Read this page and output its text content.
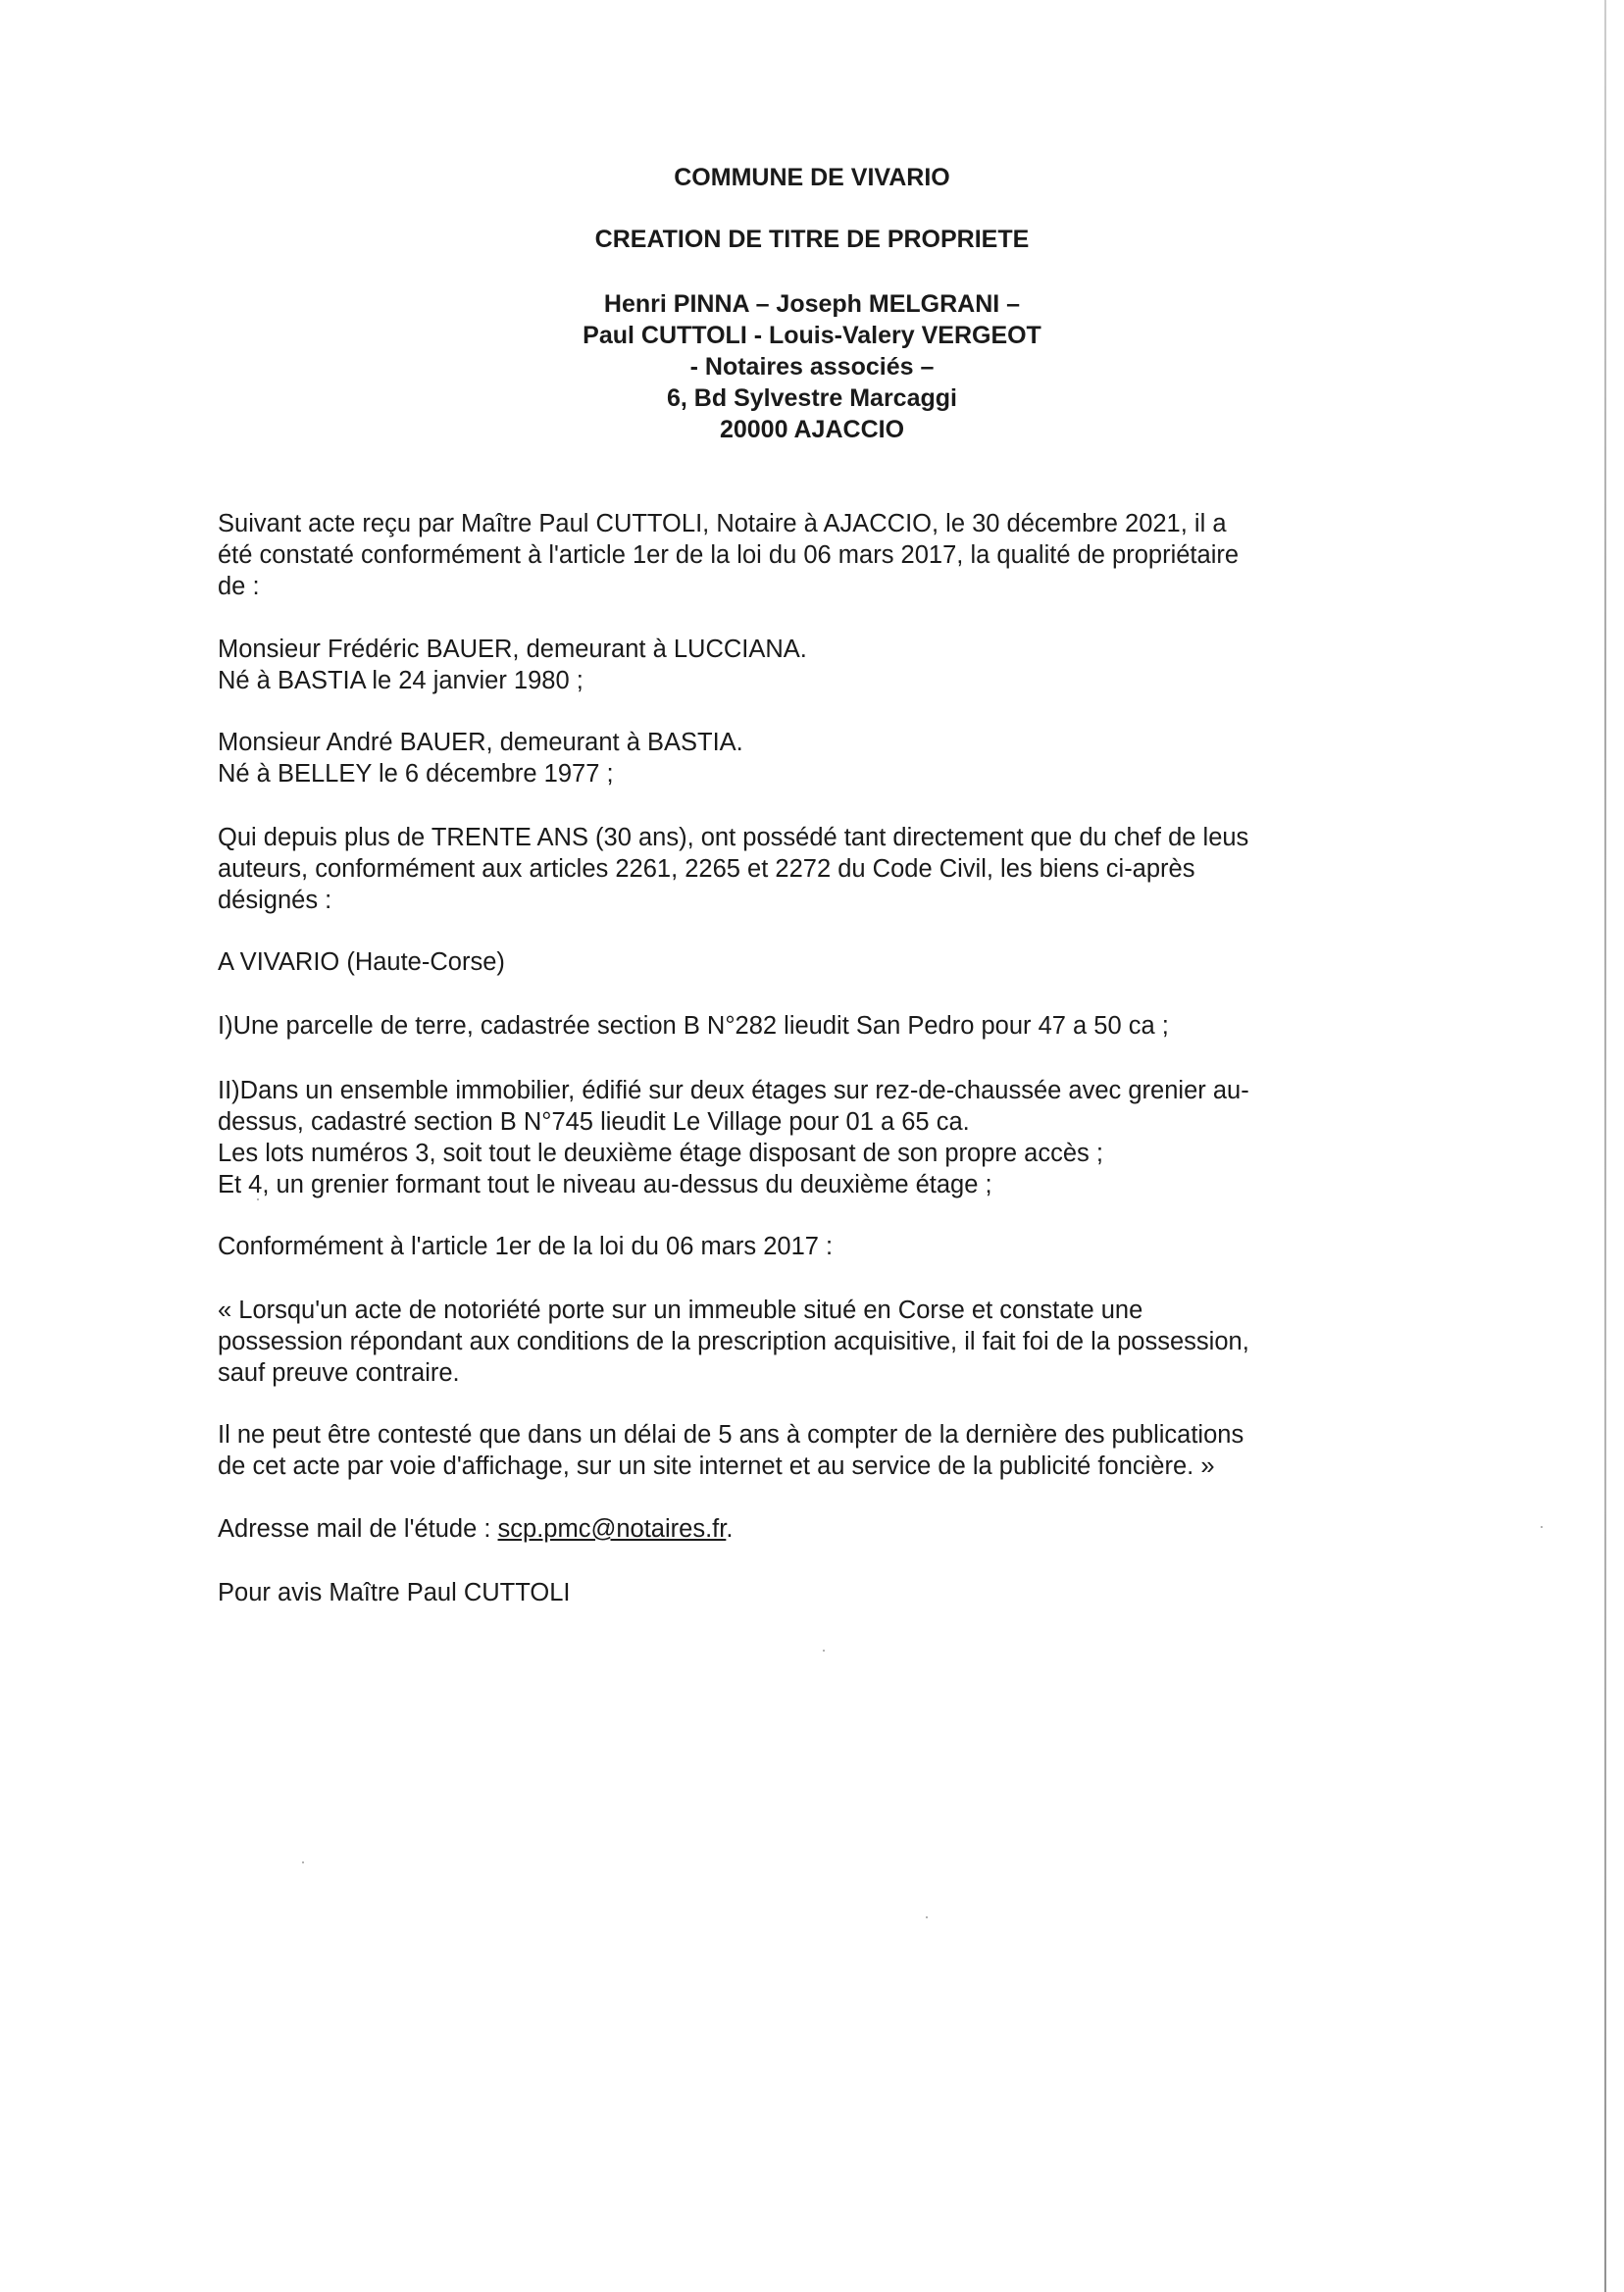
COMMUNE DE VIVARIO
CREATION DE TITRE DE PROPRIETE
Henri PINNA – Joseph MELGRANI –
Paul CUTTOLI - Louis-Valery VERGEOT
- Notaires associés –
6, Bd Sylvestre Marcaggi
20000 AJACCIO

Suivant acte reçu par Maître Paul CUTTOLI, Notaire à AJACCIO, le 30 décembre 2021, il a

été constaté conformément à l'article 1er de la loi du 06 mars 2017, la qualité de propriétaire

de :

Monsieur Frédéric BAUER, demeurant à LUCCIANA.

Né à BASTIA le 24 janvier 1980 ;

Monsieur André BAUER, demeurant à BASTIA.

Né à BELLEY le 6 décembre 1977 ;

Qui depuis plus de TRENTE ANS (30 ans), ont possédé tant directement que du chef de leus

auteurs, conformément aux articles 2261, 2265 et 2272 du Code Civil, les biens ci-après

désignés :

A VIVARIO (Haute-Corse)

I)Une parcelle de terre, cadastrée section B N°282 lieudit San Pedro pour 47 a 50 ca ;

II)Dans un ensemble immobilier, édifié sur deux étages sur rez-de-chaussée avec grenier au-

dessus, cadastré section B N°745 lieudit Le Village pour 01 a 65 ca.

Les lots numéros 3, soit tout le deuxième étage disposant de son propre accès ;

Et 4, un grenier formant tout le niveau au-dessus du deuxième étage ;

Conformément à l'article 1er de la loi du 06 mars 2017 :

« Lorsqu'un acte de notoriété porte sur un immeuble situé en Corse et constate une

possession répondant aux conditions de la prescription acquisitive, il fait foi de la possession,

sauf preuve contraire.

Il ne peut être contesté que dans un délai de 5 ans à compter de la dernière des publications

de cet acte par voie d'affichage, sur un site internet et au service de la publicité foncière. »

Adresse mail de l'étude : scp.pmc@notaires.fr.

Pour avis Maître Paul CUTTOLI
